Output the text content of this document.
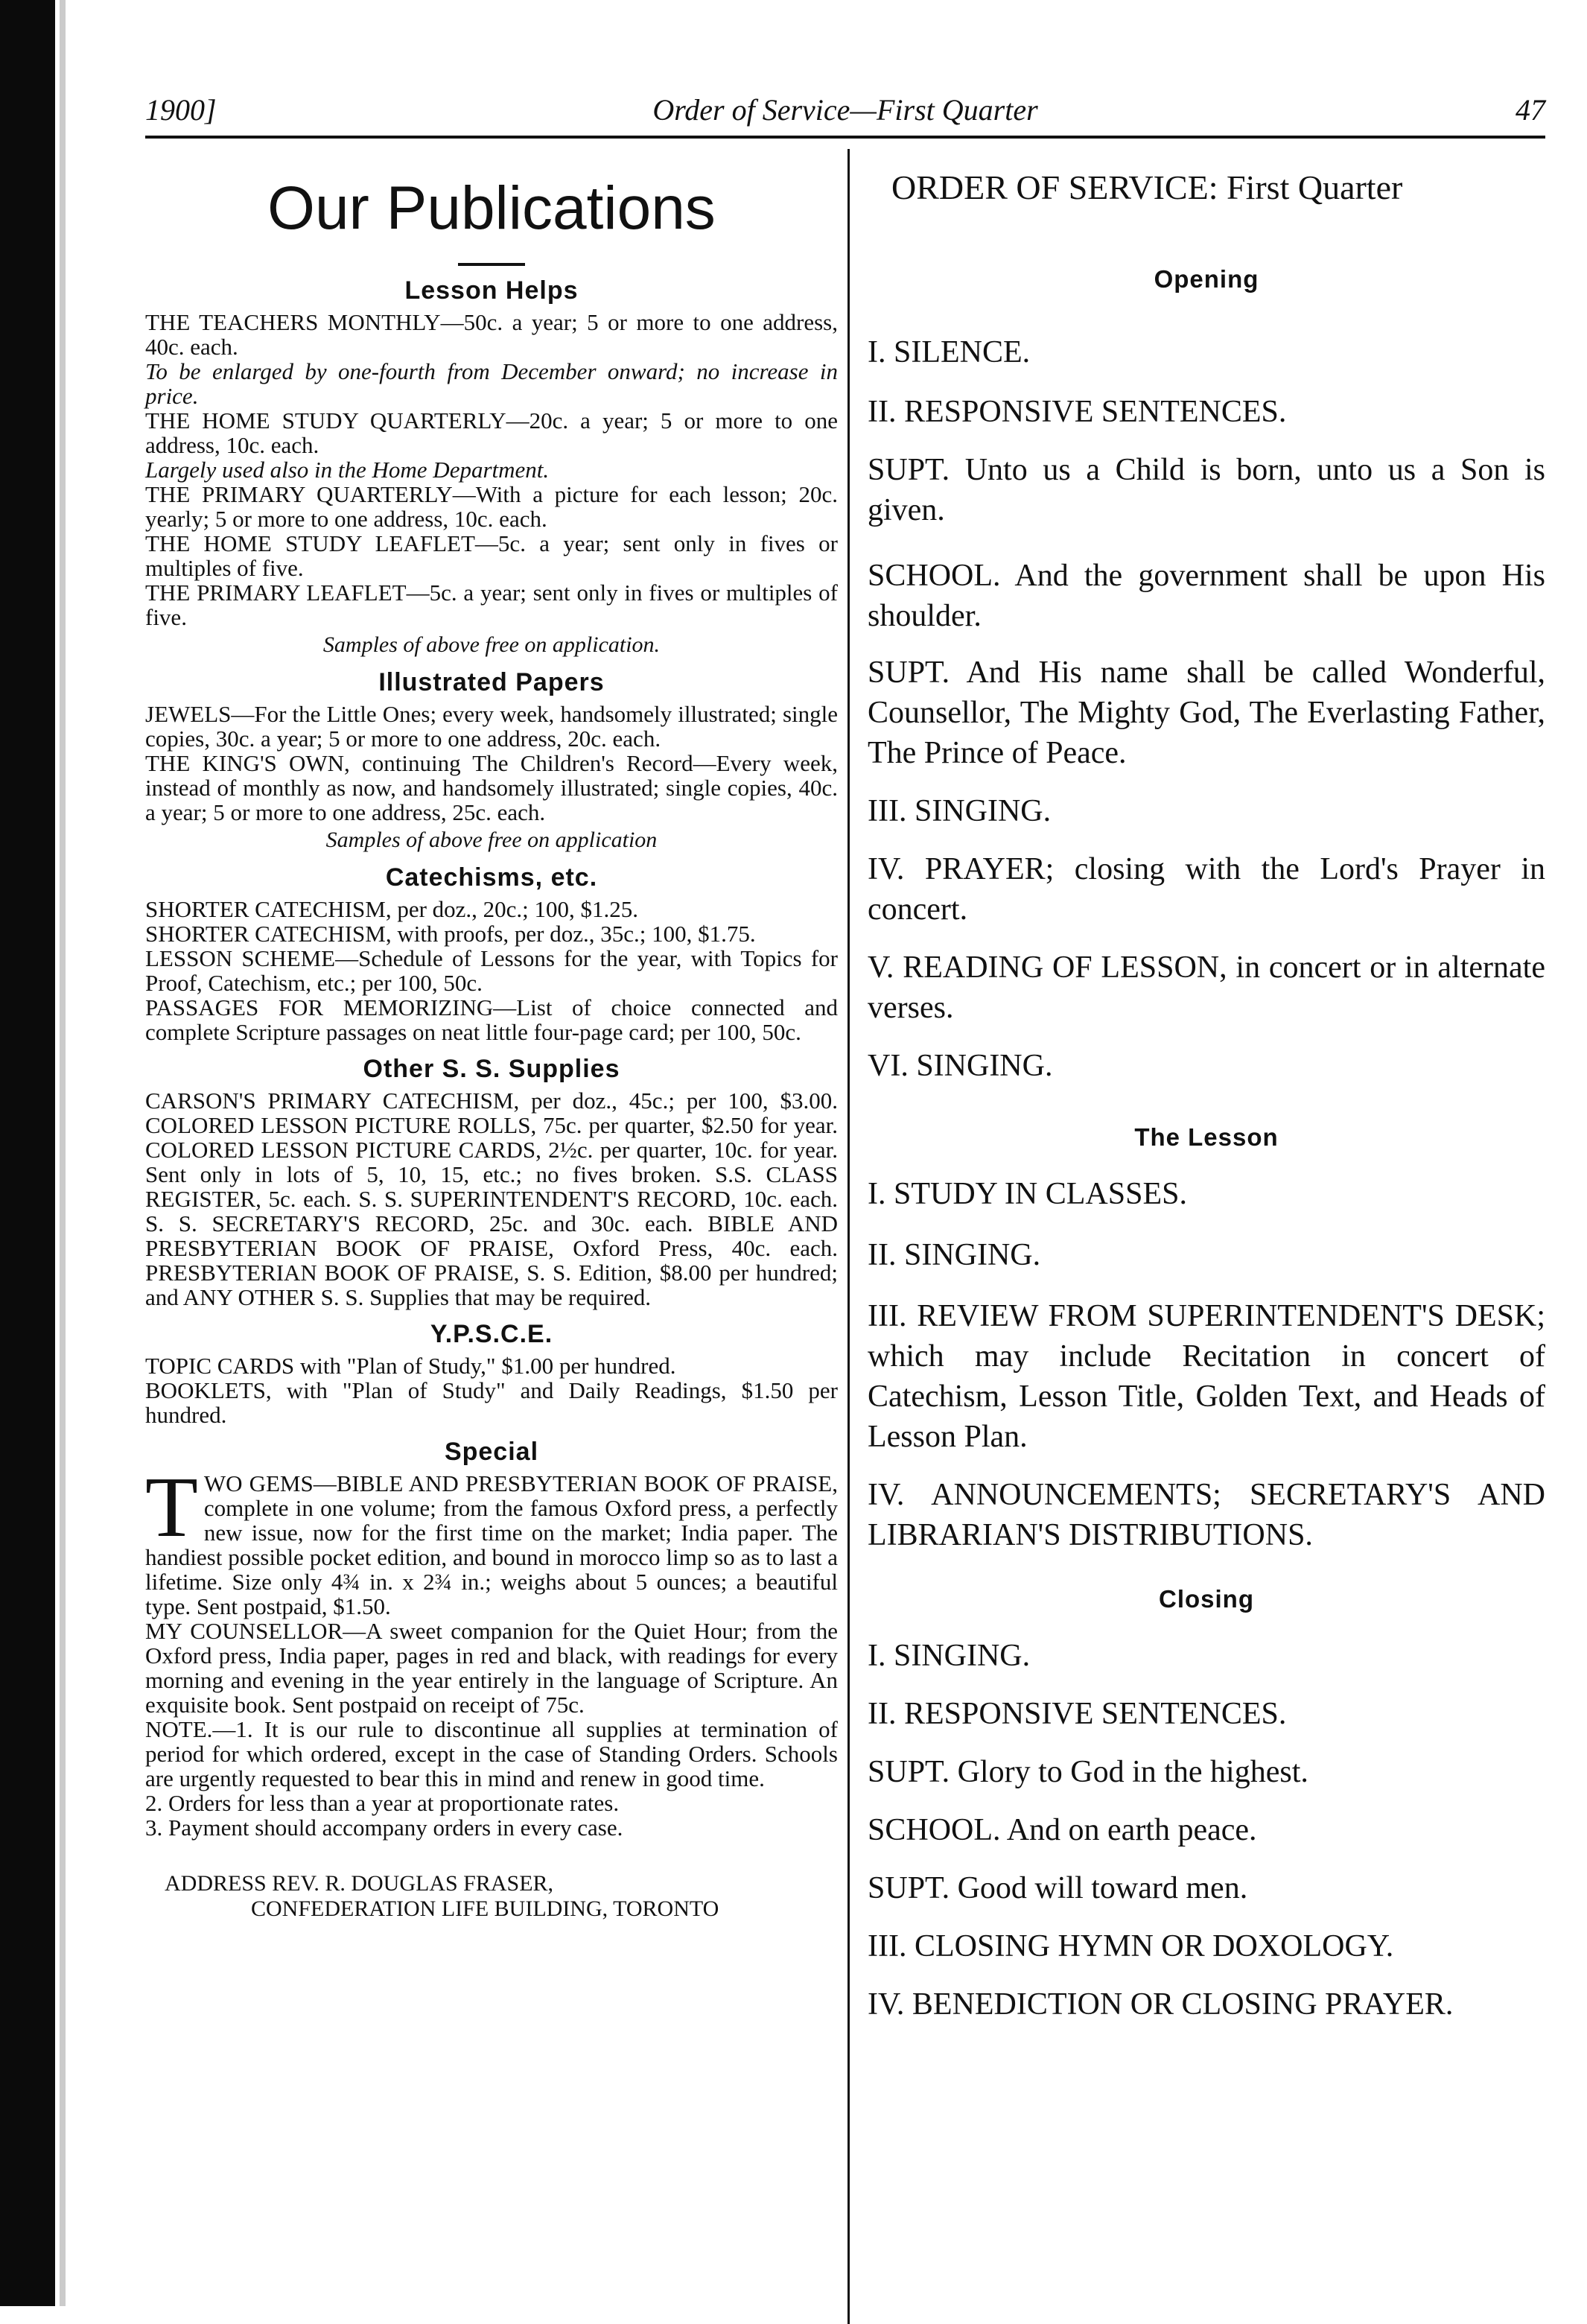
1900]	Order of Service—First Quarter	47
Our Publications
Lesson Helps

THE TEACHERS MONTHLY—50c. a year; 5 or more to one address, 40c. each.

To be enlarged by one-fourth from December onward; no increase in price.

THE HOME STUDY QUARTERLY—20c. a year; 5 or more to one address, 10c. each.

Largely used also in the Home Department.

THE PRIMARY QUARTERLY—With a picture for each lesson; 20c. yearly; 5 or more to one address, 10c. each.

THE HOME STUDY LEAFLET—5c. a year; sent only in fives or multiples of five.

THE PRIMARY LEAFLET—5c. a year; sent only in fives or multiples of five.

Samples of above free on application.
Illustrated Papers

JEWELS—For the Little Ones; every week, handsomely illustrated; single copies, 30c. a year; 5 or more to one address, 20c. each.

THE KING'S OWN, continuing The Children's Record—Every week, instead of monthly as now, and handsomely illustrated; single copies, 40c. a year; 5 or more to one address, 25c. each.

Samples of above free on application
Catechisms, etc.

SHORTER CATECHISM, per doz., 20c.; 100, $1.25.

SHORTER CATECHISM, with proofs, per doz., 35c.; 100, $1.75.

LESSON SCHEME—Schedule of Lessons for the year, with Topics for Proof, Catechism, etc.; per 100, 50c.

PASSAGES FOR MEMORIZING—List of choice connected and complete Scripture passages on neat little four-page card; per 100, 50c.

Other S. S. Supplies

CARSON'S PRIMARY CATECHISM, per doz., 45c.; per 100, $3.00. COLORED LESSON PICTURE ROLLS, 75c. per quarter, $2.50 for year. COLORED LESSON PICTURE CARDS, 2½c. per quarter, 10c. for year. Sent only in lots of 5, 10, 15, etc.; no fives broken. S.S. CLASS REGISTER, 5c. each. S. S. SUPERINTENDENT'S RECORD, 10c. each. S. S. SECRETARY'S RECORD, 25c. and 30c. each. BIBLE AND PRESBYTERIAN BOOK OF PRAISE, Oxford Press, 40c. each. PRESBYTERIAN BOOK OF PRAISE, S. S. Edition, $8.00 per hundred; and ANY OTHER S. S. Supplies that may be required.

Y.P.S.C.E.

TOPIC CARDS with "Plan of Study," $1.00 per hundred.

BOOKLETS, with "Plan of Study" and Daily Readings, $1.50 per hundred.

Special

T WO GEMS—BIBLE AND PRESBYTERIAN BOOK OF PRAISE, complete in one volume; from the famous Oxford press, a perfectly new issue, now for the first time on the market; India paper. The handiest possible pocket edition, and bound in morocco limp so as to last a lifetime. Size only 4¾ in. x 2¾ in.; weighs about 5 ounces; a beautiful type. Sent postpaid, $1.50.

MY COUNSELLOR—A sweet companion for the Quiet Hour; from the Oxford press, India paper, pages in red and black, with readings for every morning and evening in the year entirely in the language of Scripture. An exquisite book. Sent postpaid on receipt of 75c.

NOTE.—1. It is our rule to discontinue all supplies at termination of period for which ordered, except in the case of Standing Orders. Schools are urgently requested to bear this in mind and renew in good time.

2. Orders for less than a year at proportionate rates.

3. Payment should accompany orders in every case.

ADDRESS REV. R. DOUGLAS FRASER,
CONFEDERATION LIFE BUILDING, TORONTO
ORDER OF SERVICE: First Quarter
Opening

I. SILENCE.

II. RESPONSIVE SENTENCES.

SUPT. Unto us a Child is born, unto us a Son is given.

SCHOOL. And the government shall be upon His shoulder.

SUPT. And His name shall be called Wonderful, Counsellor, The Mighty God, The Everlasting Father, The Prince of Peace.

III. SINGING.

IV. PRAYER; closing with the Lord's Prayer in concert.

V. READING OF LESSON, in concert or in alternate verses.

VI. SINGING.

The Lesson

I. STUDY IN CLASSES.

II. SINGING.

III. REVIEW FROM SUPERINTENDENT'S DESK; which may include Recitation in concert of Catechism, Lesson Title, Golden Text, and Heads of Lesson Plan.

IV. ANNOUNCEMENTS; SECRETARY'S AND LIBRARIAN'S DISTRIBUTIONS.

Closing

I. SINGING.

II. RESPONSIVE SENTENCES.

SUPT. Glory to God in the highest.

SCHOOL. And on earth peace.

SUPT. Good will toward men.

III. CLOSING HYMN OR DOXOLOGY.

IV. BENEDICTION OR CLOSING PRAYER.
